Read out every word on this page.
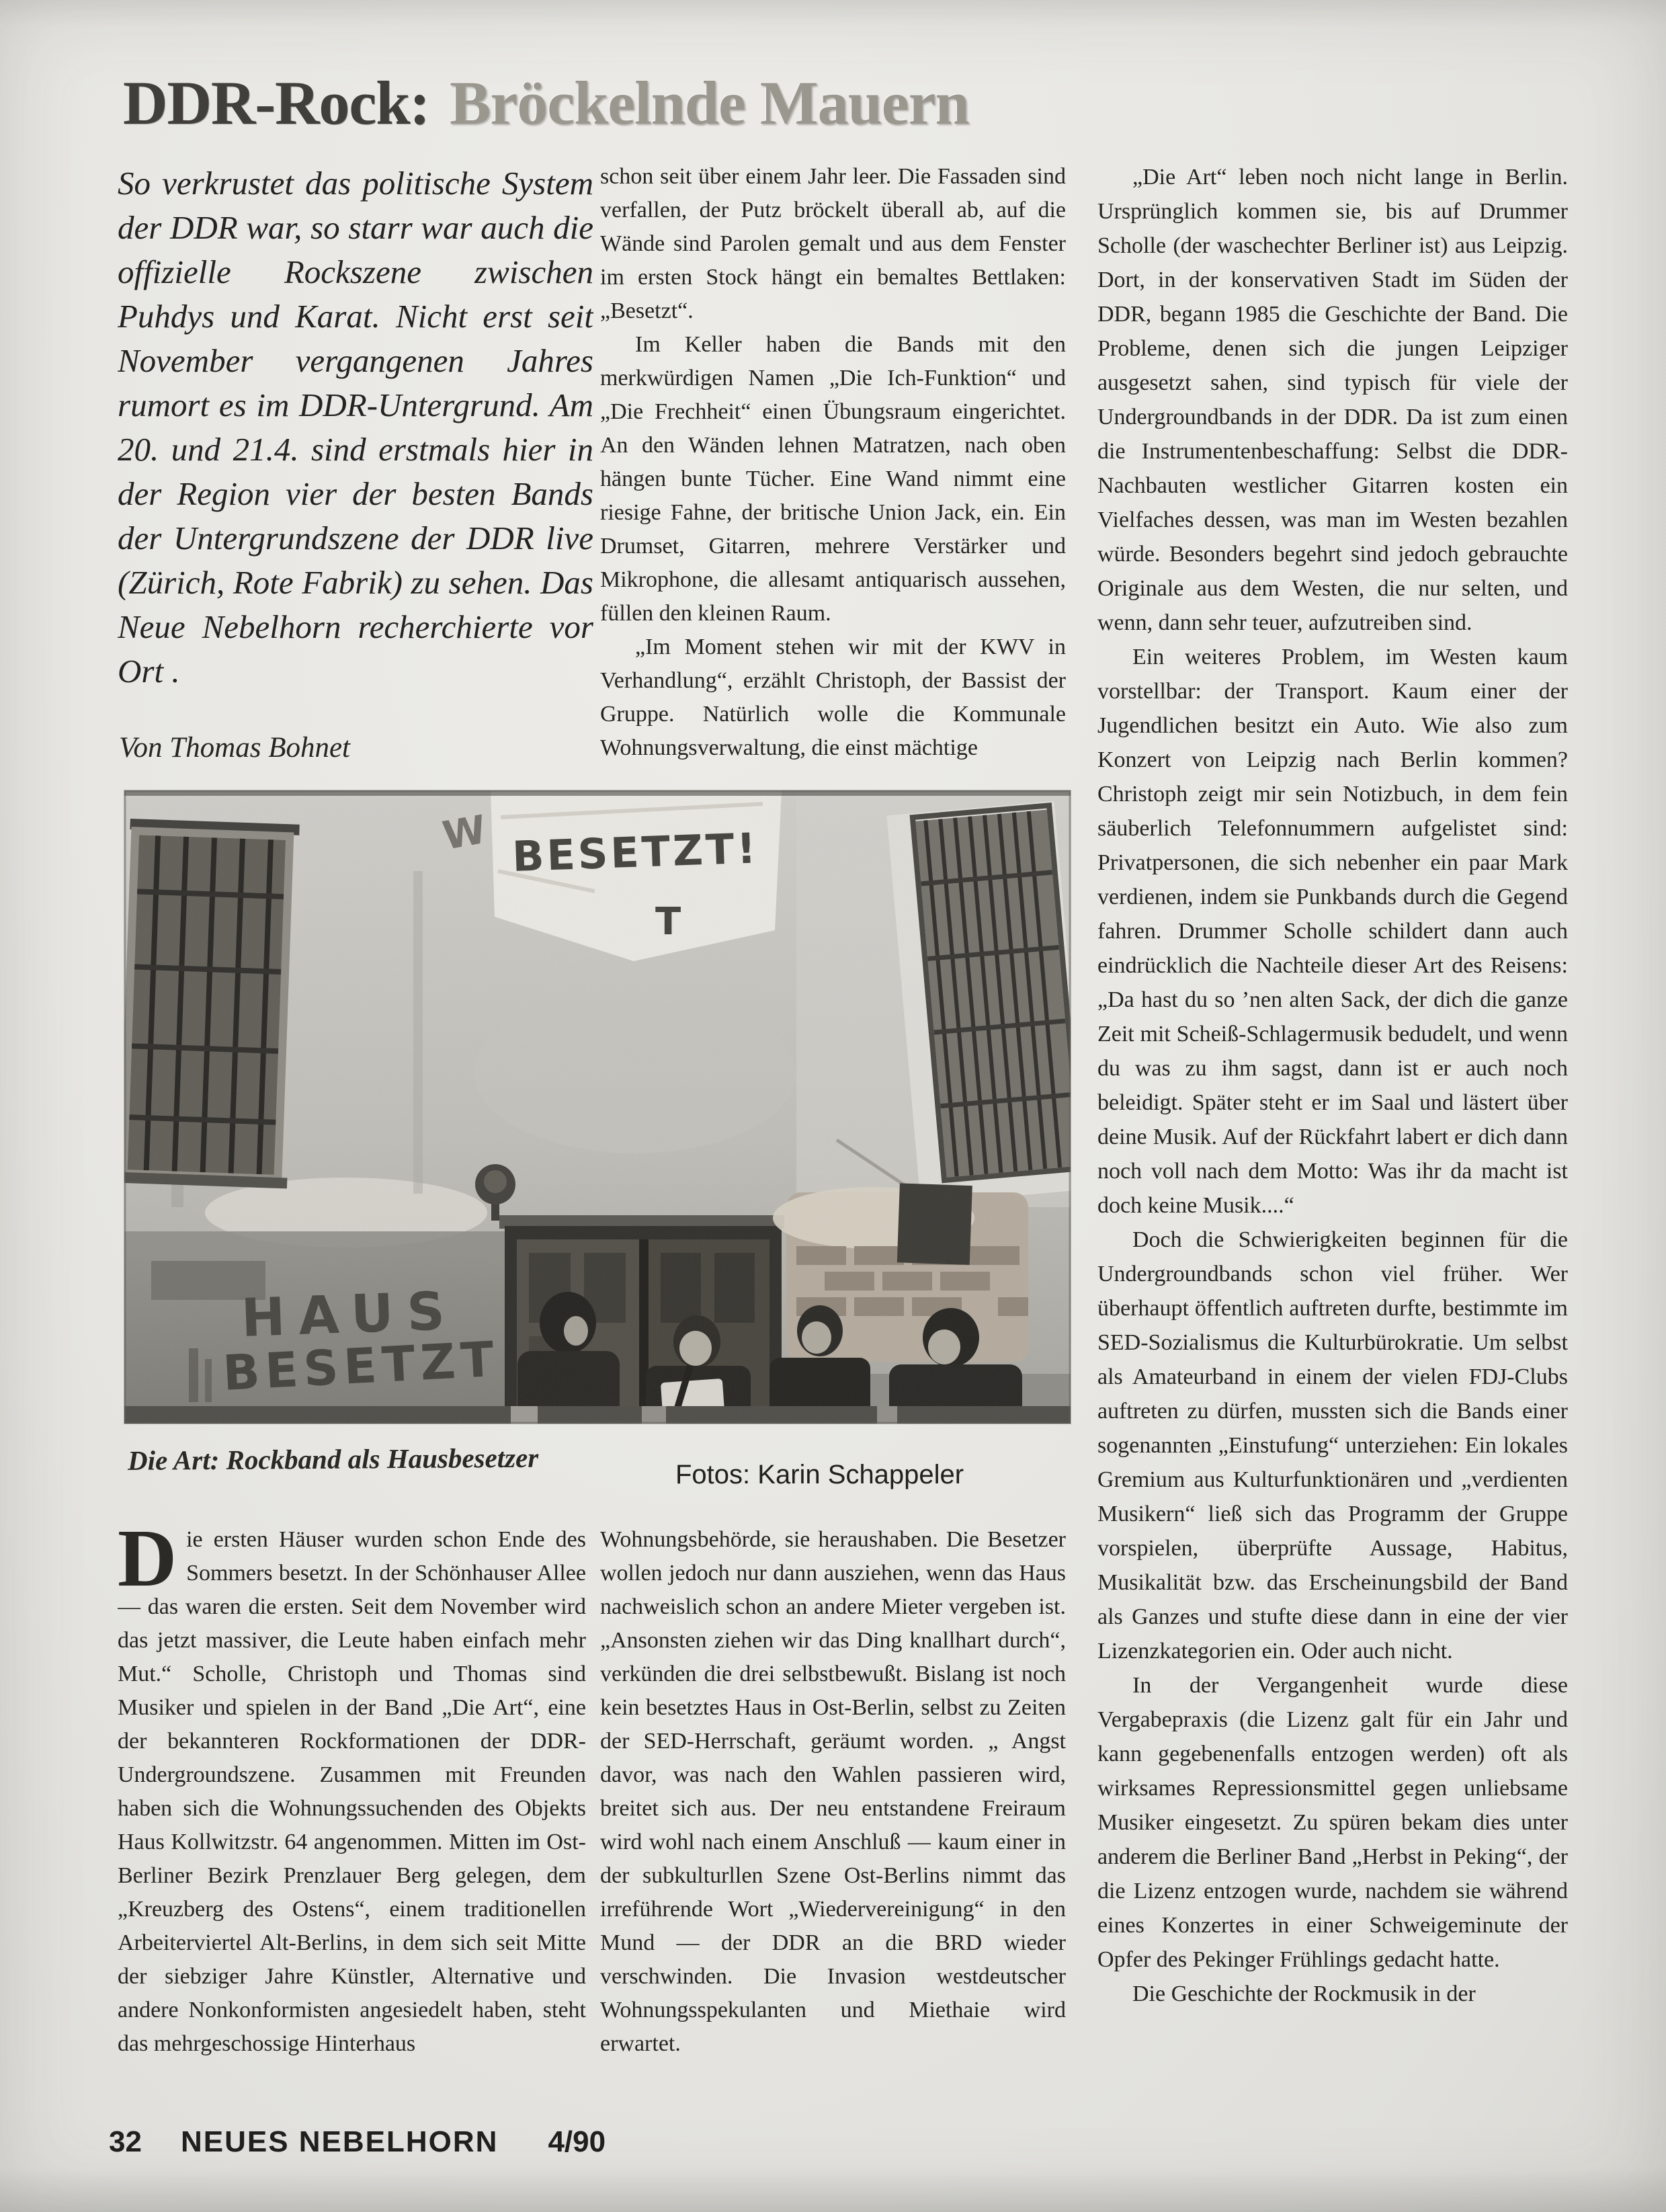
DDR-Rock: Bröckelnde Mauern
So verkrustet das politische System der DDR war, so starr war auch die offizielle Rockszene zwischen Puhdys und Karat. Nicht erst seit November vergangenen Jahres rumort es im DDR-Untergrund. Am 20. und 21.4. sind erstmals hier in der Region vier der besten Bands der Untergrundszene der DDR live (Zürich, Rote Fabrik) zu sehen. Das Neue Nebelhorn recherchierte vor Ort .
Von Thomas Bohnet

schon seit über einem Jahr leer. Die Fassaden sind verfallen, der Putz bröckelt überall ab, auf die Wände sind Parolen gemalt und aus dem Fenster im ersten Stock hängt ein bemaltes Bettlaken: „Besetzt“.

Im Keller haben die Bands mit den merkwürdigen Namen „Die Ich-Funktion“ und „Die Frechheit“ einen Übungsraum eingerichtet. An den Wänden lehnen Matratzen, nach oben hängen bunte Tücher. Eine Wand nimmt eine riesige Fahne, der britische Union Jack, ein. Ein Drumset, Gitarren, mehrere Verstärker und Mikrophone, die allesamt antiquarisch aussehen, füllen den kleinen Raum.

„Im Moment stehen wir mit der KWV in Verhandlung“, erzählt Christoph, der Bassist der Gruppe. Natürlich wolle die Kommunale Wohnungsverwaltung, die einst mächtige

„Die Art“ leben noch nicht lange in Berlin. Ursprünglich kommen sie, bis auf Drummer Scholle (der waschechter Berliner ist) aus Leipzig. Dort, in der konservativen Stadt im Süden der DDR, begann 1985 die Geschichte der Band. Die Probleme, denen sich die jungen Leipziger ausgesetzt sahen, sind typisch für viele der Undergroundbands in der DDR. Da ist zum einen die Instrumentenbeschaffung: Selbst die DDR-Nachbauten westlicher Gitarren kosten ein Vielfaches dessen, was man im Westen bezahlen würde. Besonders begehrt sind jedoch gebrauchte Originale aus dem Westen, die nur selten, und wenn, dann sehr teuer, aufzutreiben sind.

Ein weiteres Problem, im Westen kaum vorstellbar: der Transport. Kaum einer der Jugendlichen besitzt ein Auto. Wie also zum Konzert von Leipzig nach Berlin kommen? Christoph zeigt mir sein Notizbuch, in dem fein säuberlich Telefonnummern aufgelistet sind: Privatpersonen, die sich nebenher ein paar Mark verdienen, indem sie Punkbands durch die Gegend fahren. Drummer Scholle schildert dann auch eindrücklich die Nachteile dieser Art des Reisens: „Da hast du so ’nen alten Sack, der dich die ganze Zeit mit Scheiß-Schlagermusik bedudelt, und wenn du was zu ihm sagst, dann ist er auch noch beleidigt. Später steht er im Saal und lästert über deine Musik. Auf der Rückfahrt labert er dich dann noch voll nach dem Motto: Was ihr da macht ist doch keine Musik....“

Doch die Schwierigkeiten beginnen für die Undergroundbands schon viel früher. Wer überhaupt öffentlich auftreten durfte, bestimmte im SED-Sozialismus die Kulturbürokratie. Um selbst als Amateurband in einem der vielen FDJ-Clubs auftreten zu dürfen, mussten sich die Bands einer sogenannten „Einstufung“ unterziehen: Ein lokales Gremium aus Kulturfunktionären und „verdienten Musikern“ ließ sich das Programm der Gruppe vorspielen, überprüfte Aussage, Habitus, Musikalität bzw. das Erscheinungsbild der Band als Ganzes und stufte diese dann in eine der vier Lizenzkategorien ein. Oder auch nicht.

In der Vergangenheit wurde diese Vergabepraxis (die Lizenz galt für ein Jahr und kann gegebenenfalls entzogen werden) oft als wirksames Repressionsmittel gegen unliebsame Musiker eingesetzt. Zu spüren bekam dies unter anderem die Berliner Band „Herbst in Peking“, der die Lizenz entzogen wurde, nachdem sie während eines Konzertes in einer Schweigeminute der Opfer des Pekinger Frühlings gedacht hatte.

Die Geschichte der Rockmusik in der

W BESETZT!
T
HAUS
BESETZT
Die Art: Rockband als Hausbesetzer	Fotos: Karin Schappeler

Die ersten Häuser wurden schon Ende des Sommers besetzt. In der Schönhauser Allee — das waren die ersten. Seit dem November wird das jetzt massiver, die Leute haben einfach mehr Mut.“ Scholle, Christoph und Thomas sind Musiker und spielen in der Band „Die Art“, eine der bekannteren Rockformationen der DDR-Undergroundszene. Zusammen mit Freunden haben sich die Wohnungssuchenden des Objekts Haus Kollwitzstr. 64 angenommen. Mitten im Ost-Berliner Bezirk Prenzlauer Berg gelegen, dem „Kreuzberg des Ostens“, einem traditionellen Arbeiterviertel Alt-Berlins, in dem sich seit Mitte der siebziger Jahre Künstler, Alternative und andere Nonkonformisten angesiedelt haben, steht das mehrgeschossige Hinterhaus

Wohnungsbehörde, sie heraushaben. Die Besetzer wollen jedoch nur dann ausziehen, wenn das Haus nachweislich schon an andere Mieter vergeben ist. „Ansonsten ziehen wir das Ding knallhart durch“, verkünden die drei selbstbewußt. Bislang ist noch kein besetztes Haus in Ost-Berlin, selbst zu Zeiten der SED-Herrschaft, geräumt worden. „ Angst davor, was nach den Wahlen passieren wird, breitet sich aus. Der neu entstandene Freiraum wird wohl nach einem Anschluß — kaum einer in der subkulturllen Szene Ost-Berlins nimmt das irreführende Wort „Wiedervereinigung“ in den Mund — der DDR an die BRD wieder verschwinden. Die Invasion westdeutscher Wohnungsspekulanten und Miethaie wird erwartet.

32 NEUES NEBELHORN 4/90
